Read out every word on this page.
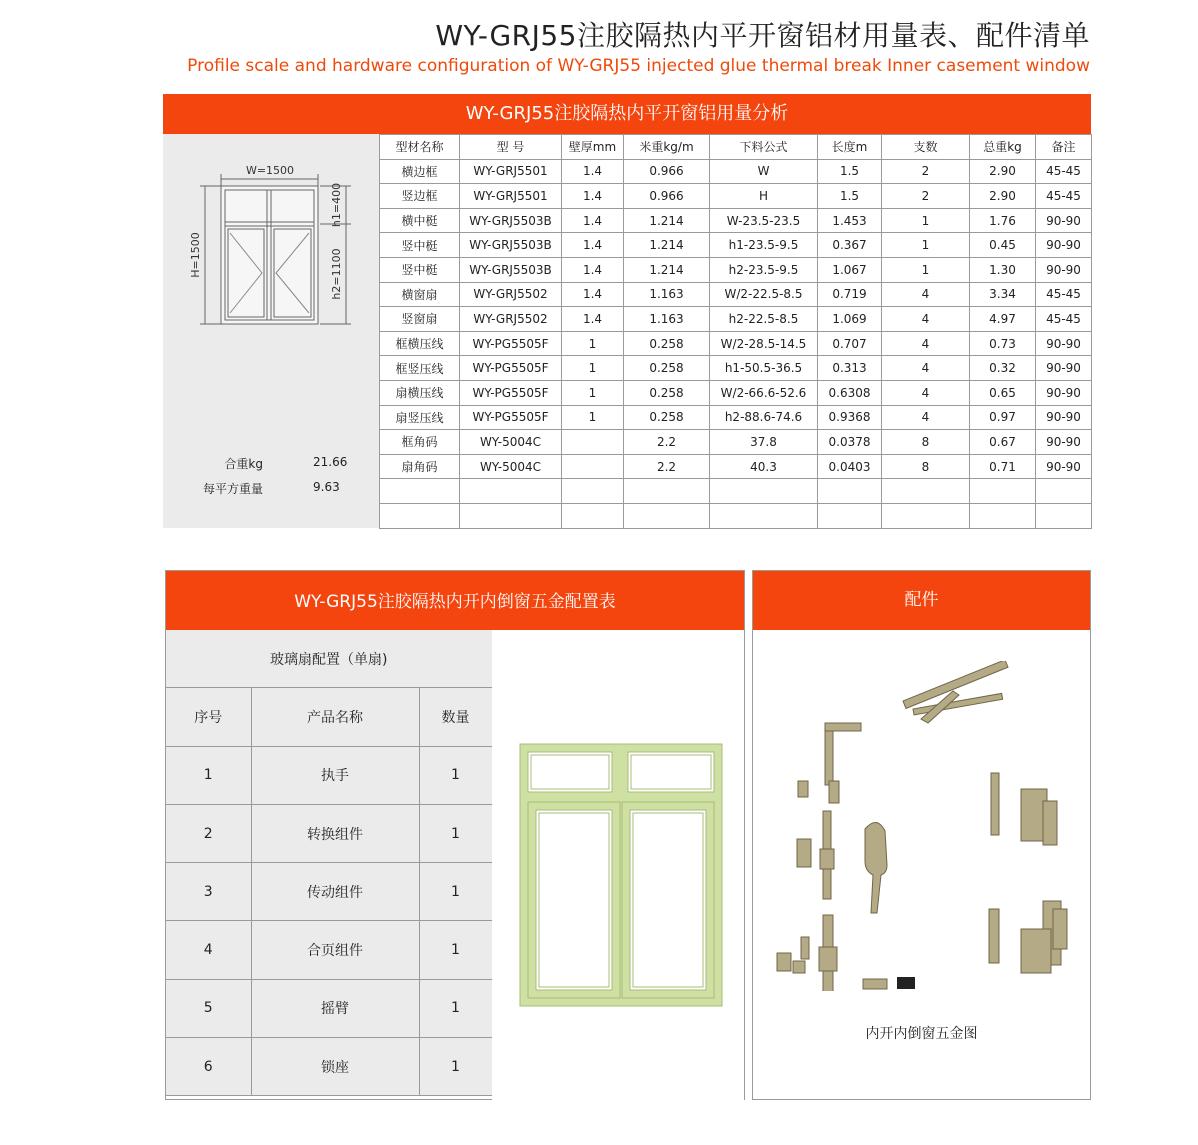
WY-GRJ55注胶隔热内平开窗铝材用量表、配件清单
Profile scale and hardware configuration of WY-GRJ55 injected glue thermal break Inner casement window
WY-GRJ55注胶隔热内平开窗铝用量分析
W=1500
H=1500
h1=400
h2=1100
合重kg	21.66
每平方重量	9.63
型材名称	型 号	壁厚mm	米重kg/m	下料公式	长度m	支数	总重kg	备注
横边框	WY-GRJ5501	1.4	0.966	W	1.5	2	2.90	45-45
竖边框	WY-GRJ5501	1.4	0.966	H	1.5	2	2.90	45-45
横中梃	WY-GRJ5503B	1.4	1.214	W-23.5-23.5	1.453	1	1.76	90-90
竖中梃	WY-GRJ5503B	1.4	1.214	h1-23.5-9.5	0.367	1	0.45	90-90
竖中梃	WY-GRJ5503B	1.4	1.214	h2-23.5-9.5	1.067	1	1.30	90-90
横窗扇	WY-GRJ5502	1.4	1.163	W/2-22.5-8.5	0.719	4	3.34	45-45
竖窗扇	WY-GRJ5502	1.4	1.163	h2-22.5-8.5	1.069	4	4.97	45-45
框横压线	WY-PG5505F	1	0.258	W/2-28.5-14.5	0.707	4	0.73	90-90
框竖压线	WY-PG5505F	1	0.258	h1-50.5-36.5	0.313	4	0.32	90-90
扇横压线	WY-PG5505F	1	0.258	W/2-66.6-52.6	0.6308	4	0.65	90-90
扇竖压线	WY-PG5505F	1	0.258	h2-88.6-74.6	0.9368	4	0.97	90-90
框角码	WY-5004C		2.2	37.8	0.0378	8	0.67	90-90
扇角码	WY-5004C		2.2	40.3	0.0403	8	0.71	90-90

WY-GRJ55注胶隔热内开内倒窗五金配置表
玻璃扇配置（单扇)		
序号	产品名称	数量
1	执手	1
2	转换组件	1
3	传动组件	1
4	合页组件	1
5	摇臂	1
6	锁座	1
配件
内开内倒窗五金图
